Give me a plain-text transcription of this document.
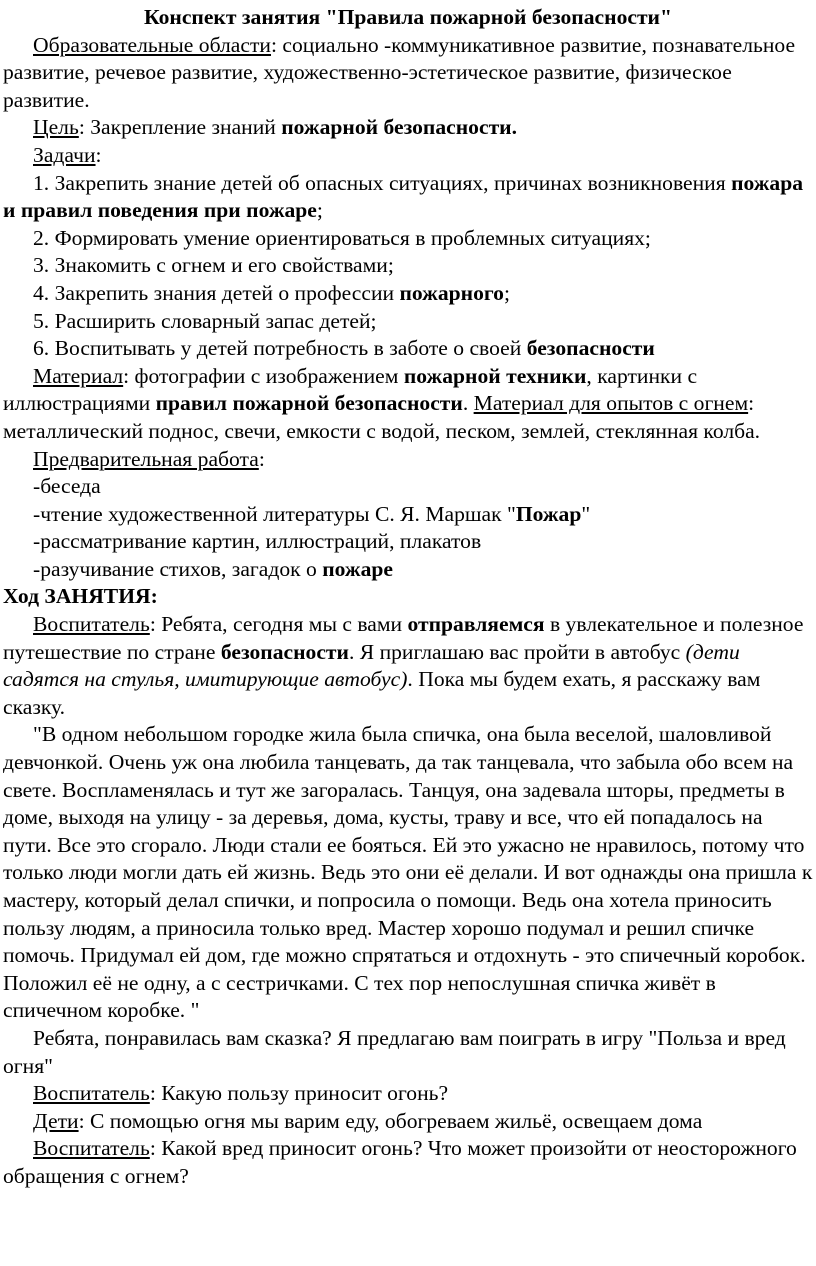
Конспект занятия "Правила пожарной безопасности"

Образовательные области: социально -коммуникативное развитие, познавательное развитие, речевое развитие, художественно-эстетическое развитие, физическое развитие.

Цель: Закрепление знаний пожарной безопасности.

Задачи:

1. Закрепить знание детей об опасных ситуациях, причинах возникновения пожара и правил поведения при пожаре;

2. Формировать умение ориентироваться в проблемных ситуациях;

3. Знакомить с огнем и его свойствами;

4. Закрепить знания детей о профессии пожарного;

5. Расширить словарный запас детей;

6. Воспитывать у детей потребность в заботе о своей безопасности

Материал: фотографии с изображением пожарной техники, картинки с иллюстрациями правил пожарной безопасности. Материал для опытов с огнем: металлический поднос, свечи, емкости с водой, песком, землей, стеклянная колба.

Предварительная работа:

-беседа

-чтение художественной литературы С. Я. Маршак "Пожар"

-рассматривание картин, иллюстраций, плакатов

-разучивание стихов, загадок о пожаре

Ход ЗАНЯТИЯ:

Воспитатель: Ребята, сегодня мы с вами отправляемся в увлекательное и полезное путешествие по стране безопасности. Я приглашаю вас пройти в автобус (дети садятся на стулья, имитирующие автобус). Пока мы будем ехать, я расскажу вам сказку.

"В одном небольшом городке жила была спичка, она была веселой, шаловливой девчонкой. Очень уж она любила танцевать, да так танцевала, что забыла обо всем на свете. Воспламенялась и тут же загоралась. Танцуя, она задевала шторы, предметы в доме, выходя на улицу - за деревья, дома, кусты, траву и все, что ей попадалось на пути. Все это сгорало. Люди стали ее бояться. Ей это ужасно не нравилось, потому что только люди могли дать ей жизнь. Ведь это они её делали. И вот однажды она пришла к мастеру, который делал спички, и попросила о помощи. Ведь она хотела приносить пользу людям, а приносила только вред. Мастер хорошо подумал и решил спичке помочь. Придумал ей дом, где можно спрятаться и отдохнуть - это спичечный коробок. Положил её не одну, а с сестричками. С тех пор непослушная спичка живёт в спичечном коробке. "

Ребята, понравилась вам сказка? Я предлагаю вам поиграть в игру "Польза и вред огня"

Воспитатель: Какую пользу приносит огонь?

Дети: С помощью огня мы варим еду, обогреваем жильё, освещаем дома

Воспитатель: Какой вред приносит огонь? Что может произойти от неосторожного обращения с огнем?
